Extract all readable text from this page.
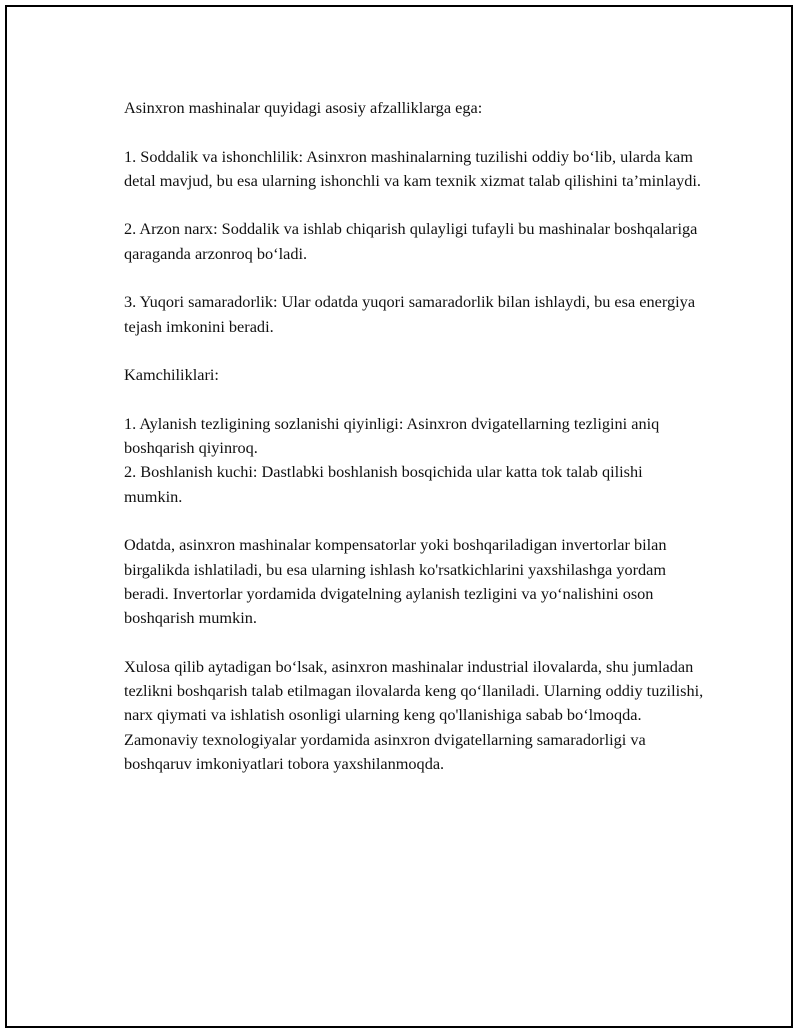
Asinxron mashinalar quyidagi asosiy afzalliklarga ega:

1. Soddalik va ishonchlilik: Asinxron mashinalarning tuzilishi oddiy bo‘lib, ularda kam detal mavjud, bu esa ularning ishonchli va kam texnik xizmat talab qilishini ta’minlaydi.

2. Arzon narx: Soddalik va ishlab chiqarish qulayligi tufayli bu mashinalar boshqalariga qaraganda arzonroq bo‘ladi.

3. Yuqori samaradorlik: Ular odatda yuqori samaradorlik bilan ishlaydi, bu esa energiya tejash imkonini beradi.

Kamchiliklari:

1. Aylanish tezligining sozlanishi qiyinligi: Asinxron dvigatellarning tezligini aniq boshqarish qiyinroq.

2. Boshlanish kuchi: Dastlabki boshlanish bosqichida ular katta tok talab qilishi mumkin.

Odatda, asinxron mashinalar kompensatorlar yoki boshqariladigan invertorlar bilan birgalikda ishlatiladi, bu esa ularning ishlash ko'rsatkichlarini yaxshilashga yordam beradi. Invertorlar yordamida dvigatelning aylanish tezligini va yo‘nalishini oson boshqarish mumkin.

Xulosa qilib aytadigan bo‘lsak, asinxron mashinalar industrial ilovalarda, shu jumladan tezlikni boshqarish talab etilmagan ilovalarda keng qo‘llaniladi. Ularning oddiy tuzilishi, narx qiymati va ishlatish osonligi ularning keng qo'llanishiga sabab bo‘lmoqda. Zamonaviy texnologiyalar yordamida asinxron dvigatellarning samaradorligi va boshqaruv imkoniyatlari tobora yaxshilanmoqda.
